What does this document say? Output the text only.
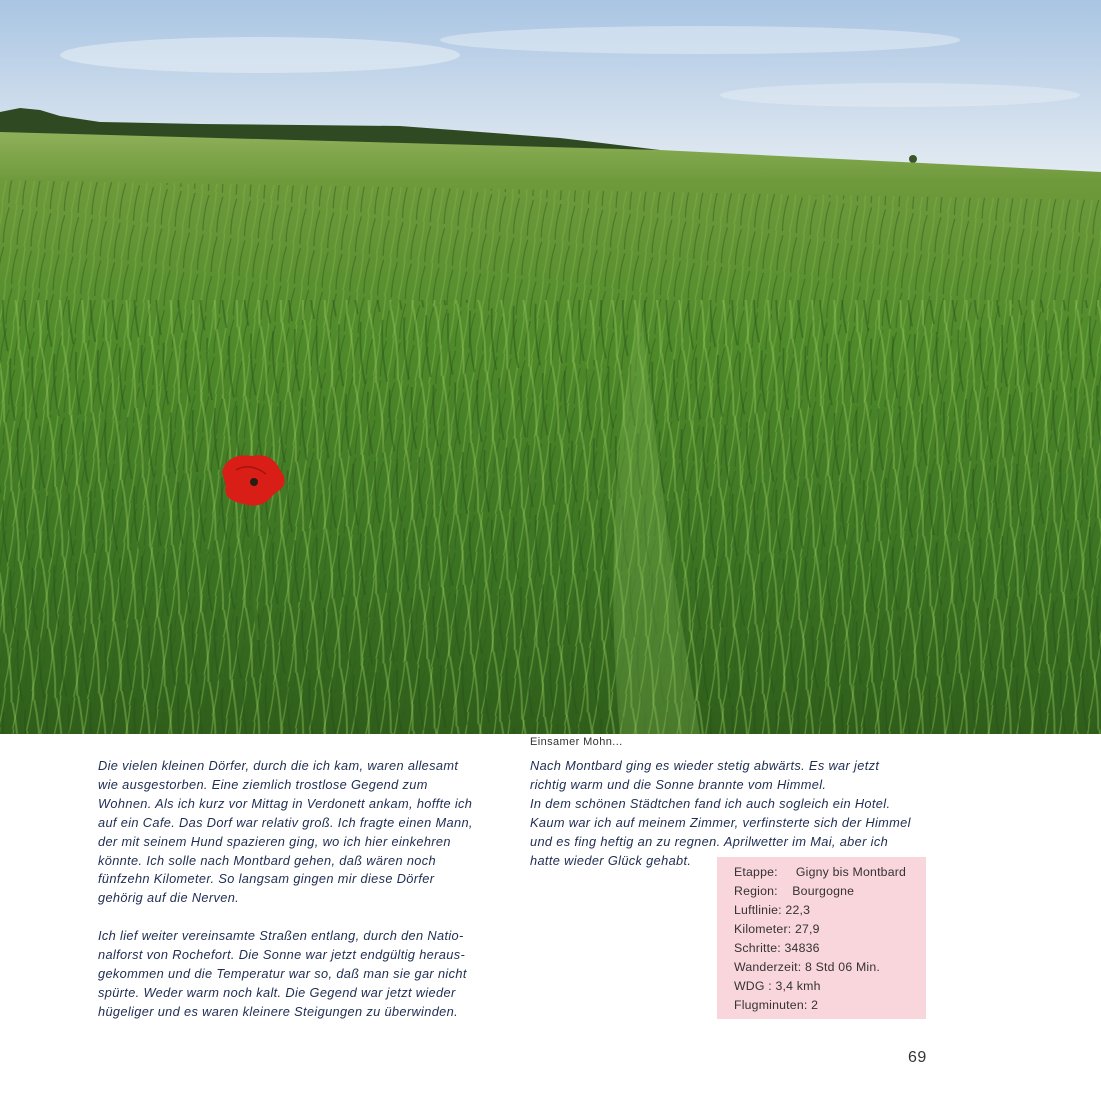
Einsamer Mohn...

Die vielen kleinen Dörfer, durch die ich kam, waren allesamt

wie ausgestorben. Eine ziemlich trostlose Gegend zum

Wohnen. Als ich kurz vor Mittag in Verdonett ankam, hoffte ich

auf ein Cafe. Das Dorf war relativ groß. Ich fragte einen Mann,

der mit seinem Hund spazieren ging, wo ich hier einkehren

könnte. Ich solle nach Montbard gehen, daß wären noch

fünfzehn Kilometer. So langsam gingen mir diese Dörfer

gehörig auf die Nerven.

Ich lief weiter vereinsamte Straßen entlang, durch den Natio-

nalforst von Rochefort. Die Sonne war jetzt endgültig heraus-

gekommen und die Temperatur war so, daß man sie gar nicht

spürte. Weder warm noch kalt. Die Gegend war jetzt wieder

hügeliger und es waren kleinere Steigungen zu überwinden.

Nach Montbard ging es wieder stetig abwärts. Es war jetzt

richtig warm und die Sonne brannte vom Himmel.

In dem schönen Städtchen fand ich auch sogleich ein Hotel.

Kaum war ich auf meinem Zimmer, verfinsterte sich der Himmel

und es fing heftig an zu regnen. Aprilwetter im Mai, aber ich

hatte wieder Glück gehabt.

Etappe:     Gigny bis Montbard
Region:    Bourgogne
Luftlinie: 22,3
Kilometer: 27,9
Schritte: 34836
Wanderzeit: 8 Std 06 Min.
WDG : 3,4 kmh
Flugminuten: 2
69
